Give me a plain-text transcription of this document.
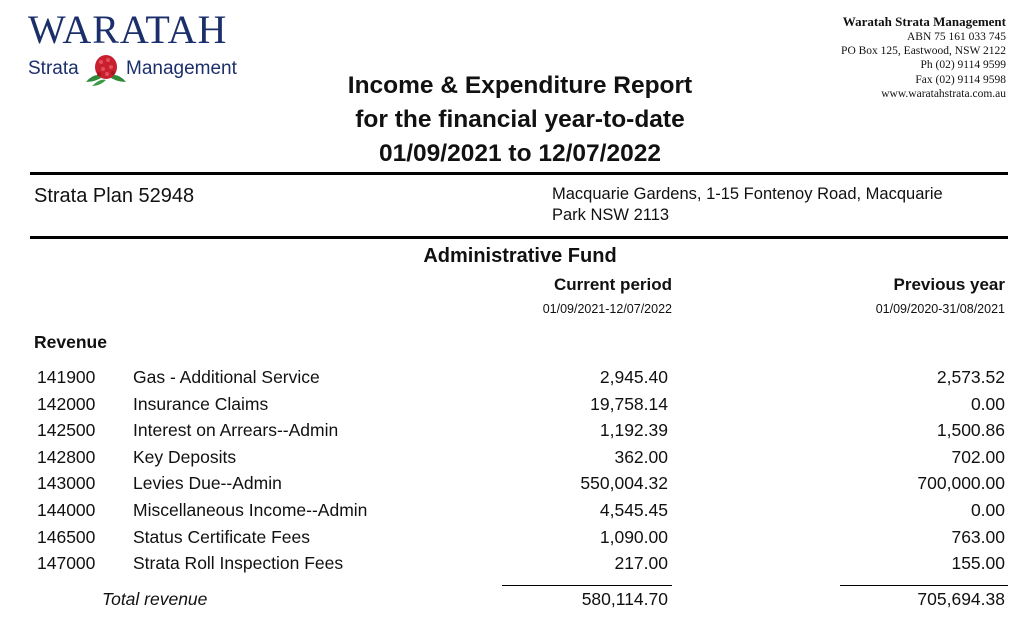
WARATAH
Strata Management
Waratah Strata Management
ABN 75 161 033 745
PO Box 125, Eastwood, NSW 2122
Ph (02) 9114 9599
Fax (02) 9114 9598
www.waratahstrata.com.au
Income & Expenditure Report
for the financial year-to-date
01/09/2021 to 12/07/2022
Strata Plan 52948	Macquarie Gardens, 1-15 Fontenoy Road, Macquarie
Park NSW 2113
Administrative Fund
Current period	Previous year
01/09/2021-12/07/2022	01/09/2020-31/08/2021
Revenue
141900 Gas - Additional Service	2,945.40	2,573.52
142000 Insurance Claims	19,758.14	0.00
142500 Interest on Arrears--Admin	1,192.39	1,500.86
142800 Key Deposits	362.00	702.00
143000 Levies Due--Admin	550,004.32	700,000.00
144000 Miscellaneous Income--Admin	4,545.45	0.00
146500 Status Certificate Fees	1,090.00	763.00
147000 Strata Roll Inspection Fees	217.00	155.00
Total revenue	580,114.70	705,694.38
